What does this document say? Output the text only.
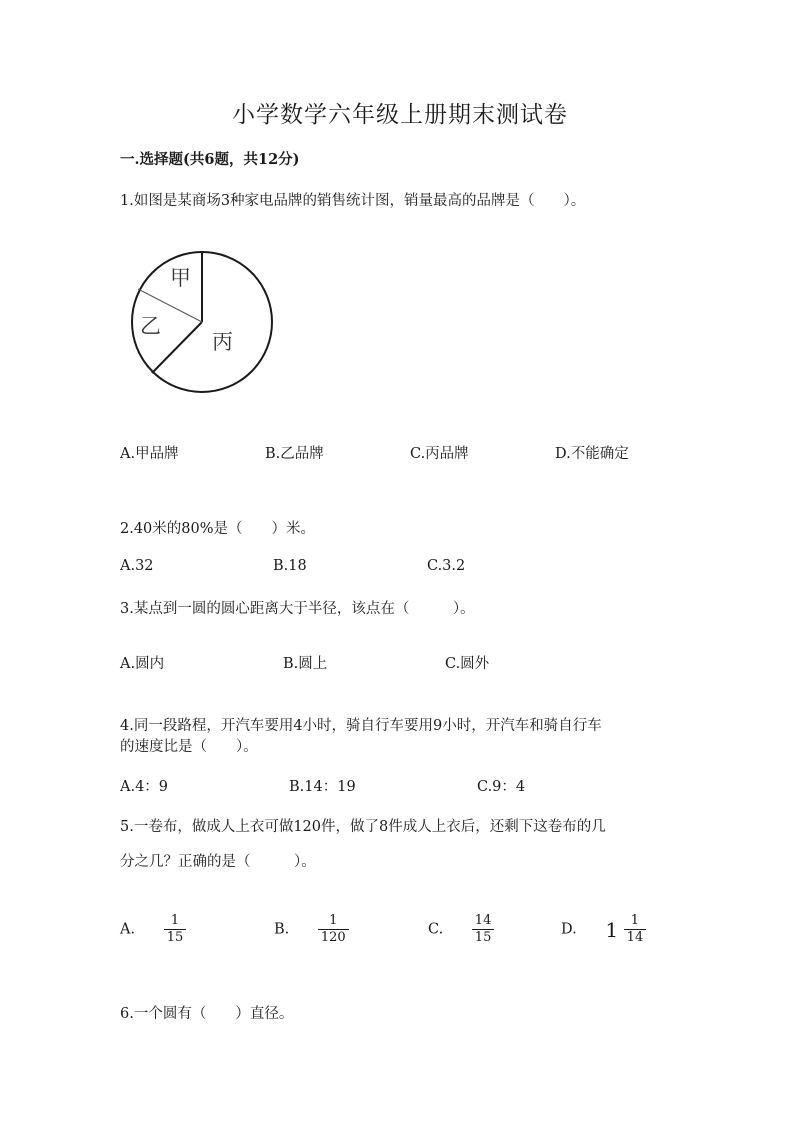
小学数学六年级上册期末测试卷
一.选择题(共6题，共12分)
1.如图是某商场3种家电品牌的销售统计图，销量最高的品牌是（　　）。
甲
乙
丙
A.甲品牌	B.乙品牌	C.丙品牌	D.不能确定
2.40米的80%是（　　）米。
A.32	B.18	C.3.2
3.某点到一圆的圆心距离大于半径，该点在（　　　）。
A.圆内	B.圆上	C.圆外
4.同一段路程，开汽车要用4小时，骑自行车要用9小时，开汽车和骑自行车
的速度比是（　　）。
A.4：9	B.14：19	C.9：4
5.一卷布，做成人上衣可做120件，做了8件成人上衣后，还剩下这卷布的几
分之几？正确的是（　　　）。
A. $\frac{1}{15}$	B. $\frac{1}{120}$	C. $\frac{14}{15}$	D. $1 \frac{1}{14}$
6.一个圆有（　　）直径。
